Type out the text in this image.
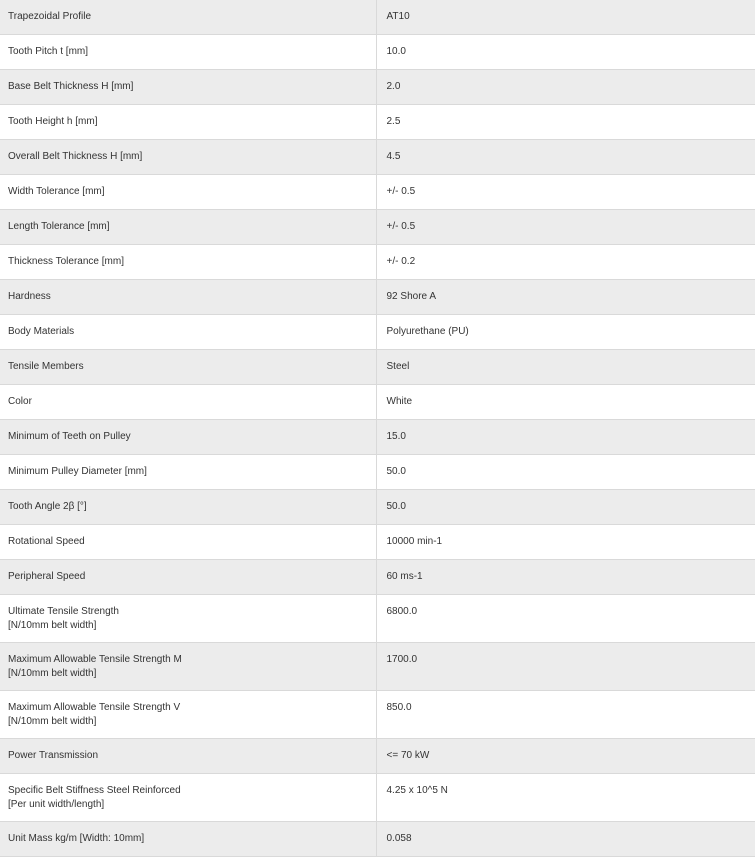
Trapezoidal Profile	AT10

Tooth Pitch t [mm]	10.0

Base Belt Thickness H [mm]	2.0

Tooth Height h [mm]	2.5

Overall Belt Thickness H [mm]	4.5

Width Tolerance [mm]	+/- 0.5

Length Tolerance [mm]	+/- 0.5

Thickness Tolerance [mm]	+/- 0.2

Hardness	92 Shore A

Body Materials	Polyurethane (PU)

Tensile Members	Steel

Color	White

Minimum of Teeth on Pulley	15.0

Minimum Pulley Diameter [mm]	50.0

Tooth Angle 2β [°]	50.0

Rotational Speed	10000 min-1

Peripheral Speed	60 ms-1

Ultimate Tensile Strength
[N/10mm belt width]	6800.0

Maximum Allowable Tensile Strength M
[N/10mm belt width]	1700.0

Maximum Allowable Tensile Strength V
[N/10mm belt width]	850.0

Power Transmission	<= 70 kW

Specific Belt Stiffness Steel Reinforced
[Per unit width/length]	4.25 x 10^5 N

Unit Mass kg/m [Width: 10mm]	0.058
